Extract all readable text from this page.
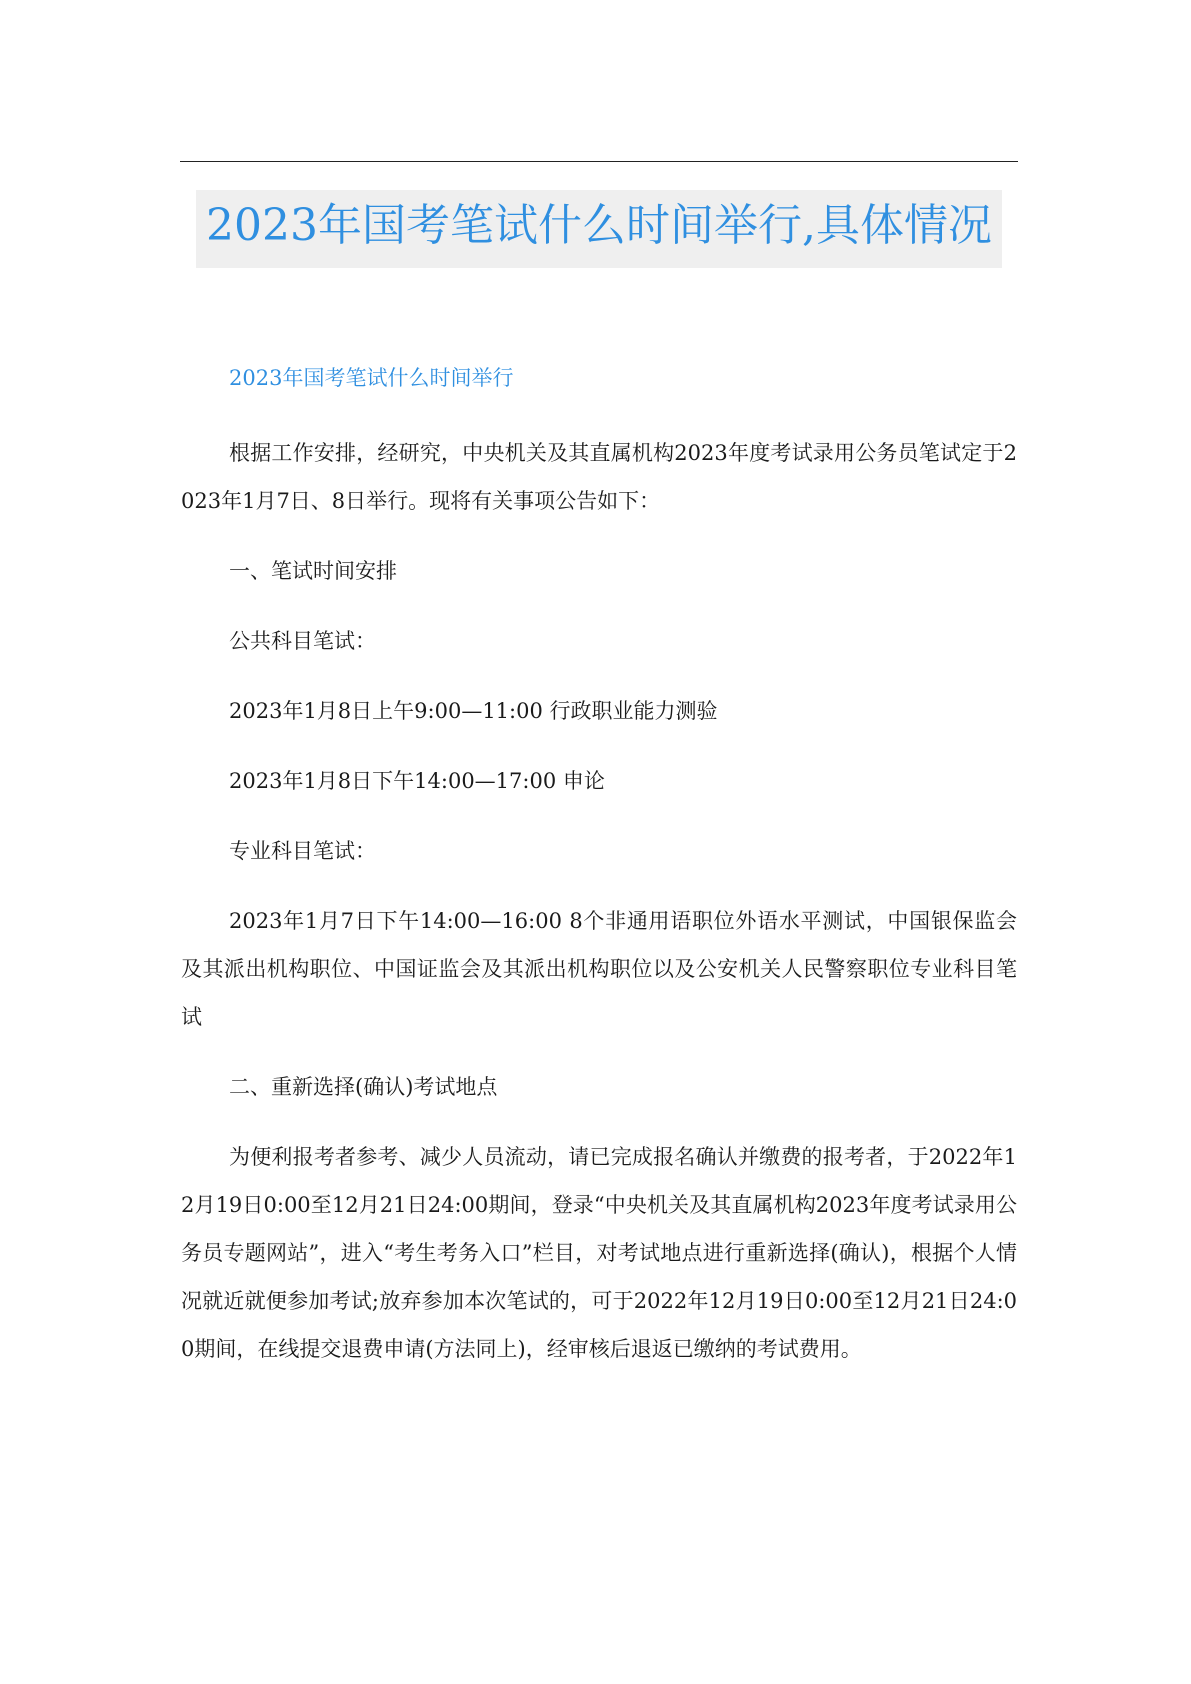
2023年国考笔试什么时间举行,具体情况

2023年国考笔试什么时间举行

根据工作安排，经研究，中央机关及其直属机构2023年度考试录用公务员笔试定于2023年1月7日、8日举行。现将有关事项公告如下：

一、笔试时间安排

公共科目笔试：

2023年1月8日上午9:00—11:00 行政职业能力测验

2023年1月8日下午14:00—17:00 申论

专业科目笔试：

2023年1月7日下午14:00—16:00 8个非通用语职位外语水平测试，中国银保监会及其派出机构职位、中国证监会及其派出机构职位以及公安机关人民警察职位专业科目笔试

二、重新选择(确认)考试地点

为便利报考者参考、减少人员流动，请已完成报名确认并缴费的报考者，于2022年12月19日0:00至12月21日24:00期间，登录“中央机关及其直属机构2023年度考试录用公务员专题网站”，进入“考生考务入口”栏目，对考试地点进行重新选择(确认)，根据个人情况就近就便参加考试;放弃参加本次笔试的，可于2022年12月19日0:00至12月21日24:00期间，在线提交退费申请(方法同上)，经审核后退返已缴纳的考试费用。
